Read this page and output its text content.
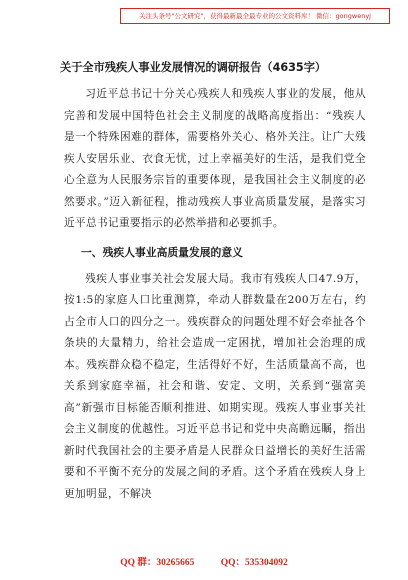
关注头条号"公文研究"，获得最新最全最专业的公文资料库！ 微信：gongwenyj
关于全市残疾人事业发展情况的调研报告（4635字）

习近平总书记十分关心残疾人和残疾人事业的发展，他从完善和发展中国特色社会主义制度的战略高度指出：“残疾人是一个特殊困难的群体，需要格外关心、格外关注。让广大残疾人安居乐业、衣食无忧，过上幸福美好的生活，是我们党全心全意为人民服务宗旨的重要体现，是我国社会主义制度的必然要求。”迈入新征程，推动残疾人事业高质量发展，是落实习近平总书记重要指示的必然举措和必要抓手。

一、残疾人事业高质量发展的意义

残疾人事业事关社会发展大局。我市有残疾人口47.9万，按1:5的家庭人口比重测算，牵动人群数量在200万左右，约占全市人口的四分之一。残疾群众的问题处理不好会牵扯各个条块的大量精力，给社会造成一定困扰，增加社会治理的成本。残疾群众稳不稳定，生活得好不好，生活质量高不高，也关系到家庭幸福，社会和谐、安定、文明，关系到“强富美高”新强市目标能否顺利推进、如期实现。残疾人事业事关社会主义制度的优越性。习近平总书记和党中央高瞻远瞩，指出新时代我国社会的主要矛盾是人民群众日益增长的美好生活需要和不平衡不充分的发展之间的矛盾。这个矛盾在残疾人身上更加明显，不解决

QQ 群：30265665	QQ：535304092
